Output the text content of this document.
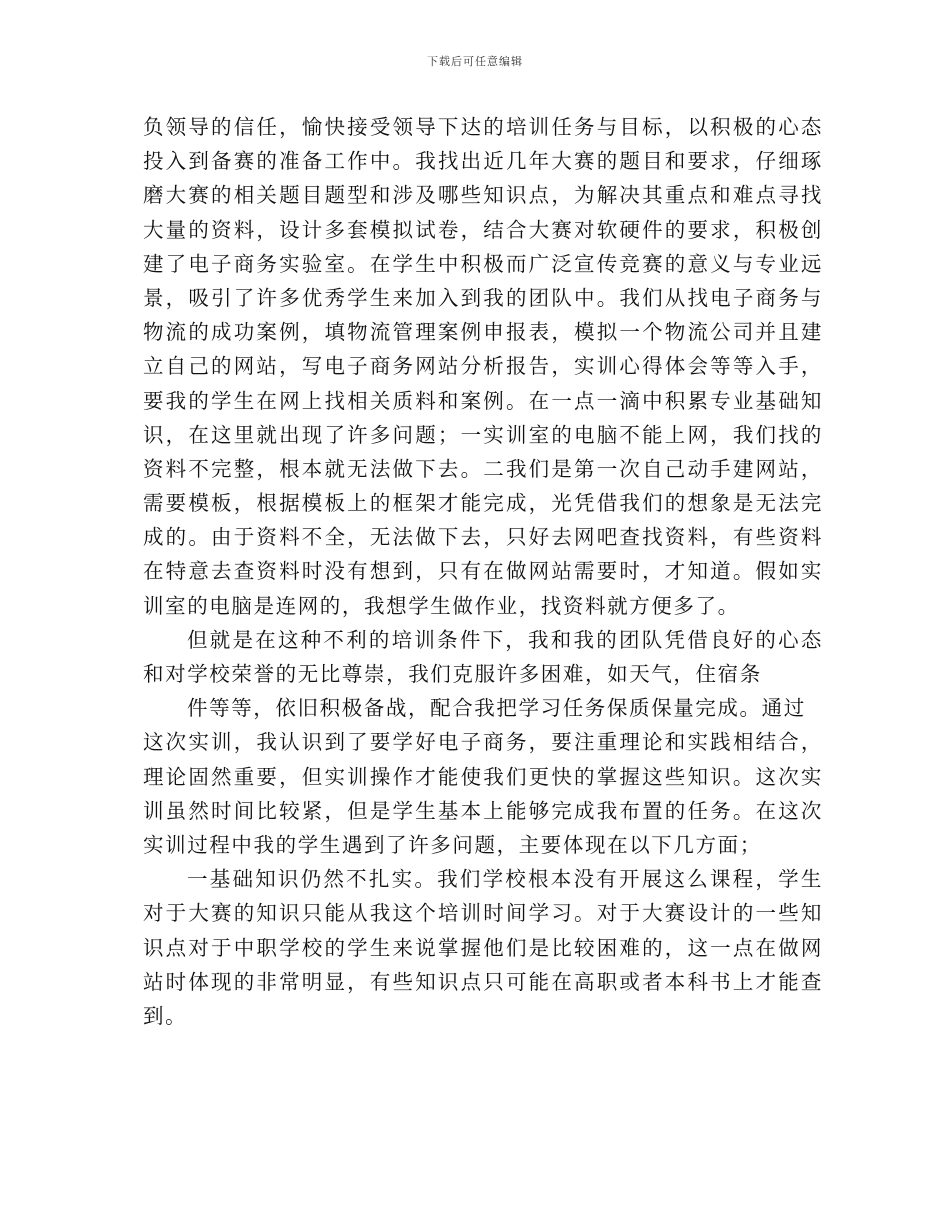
下载后可任意编辑
负领导的信任，愉快接受领导下达的培训任务与目标，以积极的心态
投入到备赛的准备工作中。我找出近几年大赛的题目和要求，仔细琢
磨大赛的相关题目题型和涉及哪些知识点，为解决其重点和难点寻找
大量的资料，设计多套模拟试卷，结合大赛对软硬件的要求，积极创
建了电子商务实验室。在学生中积极而广泛宣传竞赛的意义与专业远
景，吸引了许多优秀学生来加入到我的团队中。我们从找电子商务与
物流的成功案例，填物流管理案例申报表，模拟一个物流公司并且建
立自己的网站，写电子商务网站分析报告，实训心得体会等等入手，
要我的学生在网上找相关质料和案例。在一点一滴中积累专业基础知
识，在这里就出现了许多问题；一实训室的电脑不能上网，我们找的
资料不完整，根本就无法做下去。二我们是第一次自己动手建网站，
需要模板，根据模板上的框架才能完成，光凭借我们的想象是无法完
成的。由于资料不全，无法做下去，只好去网吧查找资料，有些资料
在特意去查资料时没有想到，只有在做网站需要时，才知道。假如实
训室的电脑是连网的，我想学生做作业，找资料就方便多了。
但就是在这种不利的培训条件下，我和我的团队凭借良好的心态
和对学校荣誉的无比尊崇，我们克服许多困难，如天气，住宿条
件等等，依旧积极备战，配合我把学习任务保质保量完成。通过
这次实训，我认识到了要学好电子商务，要注重理论和实践相结合，
理论固然重要，但实训操作才能使我们更快的掌握这些知识。这次实
训虽然时间比较紧，但是学生基本上能够完成我布置的任务。在这次
实训过程中我的学生遇到了许多问题，主要体现在以下几方面；
一基础知识仍然不扎实。我们学校根本没有开展这么课程，学生
对于大赛的知识只能从我这个培训时间学习。对于大赛设计的一些知
识点对于中职学校的学生来说掌握他们是比较困难的，这一点在做网
站时体现的非常明显，有些知识点只可能在高职或者本科书上才能查
到。
